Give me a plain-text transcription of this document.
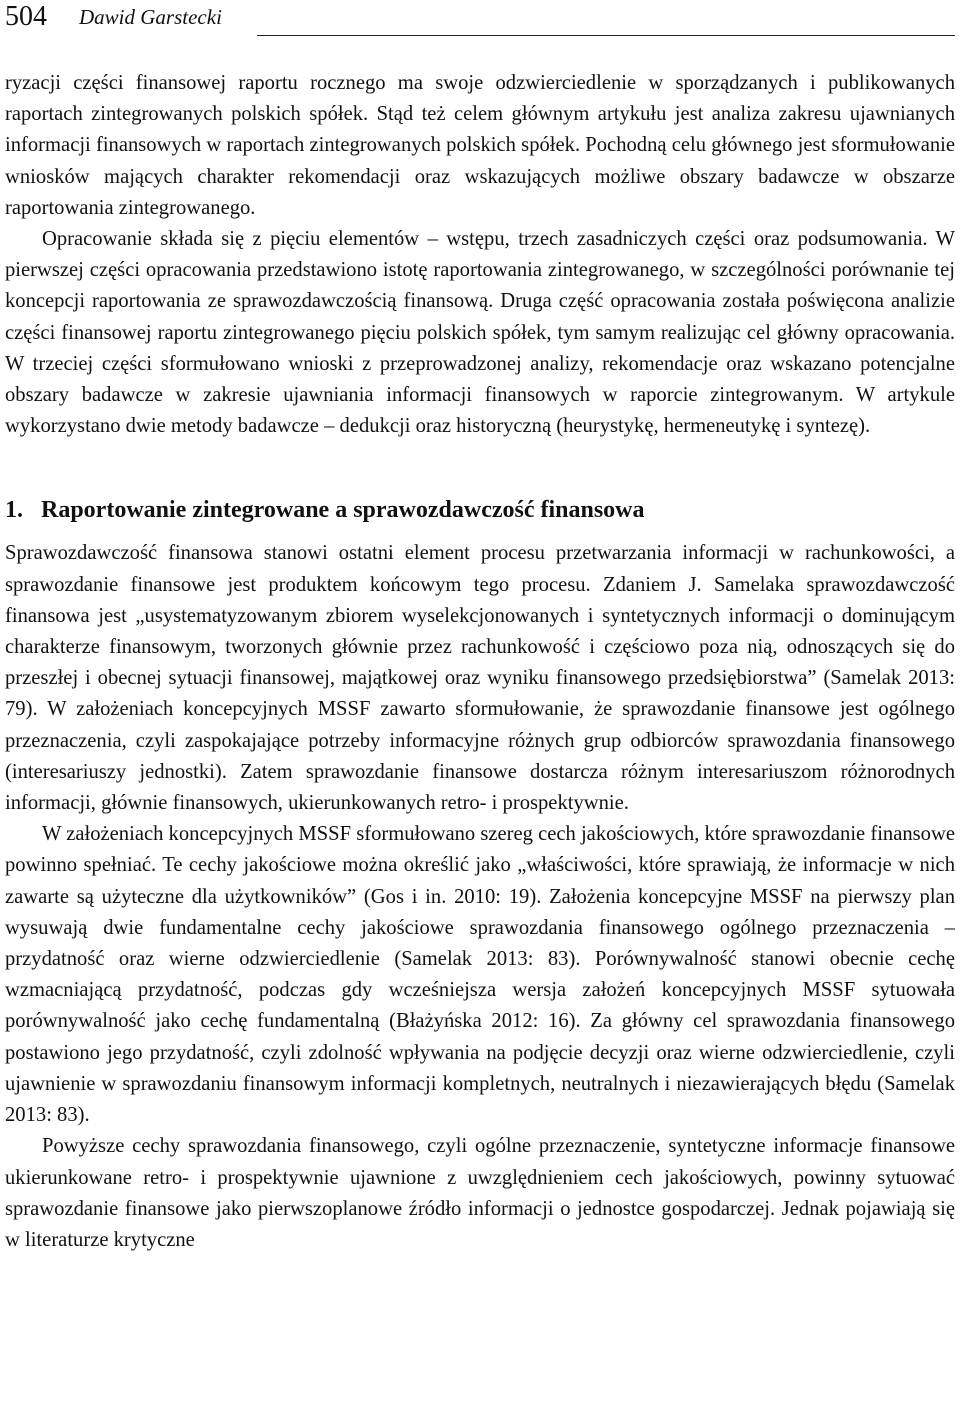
504 Dawid Garstecki

ryzacji części finansowej raportu rocznego ma swoje odzwierciedlenie w sporządzanych i publikowanych raportach zintegrowanych polskich spółek. Stąd też celem głównym artykułu jest analiza zakresu ujawnianych informacji finansowych w raportach zintegrowanych polskich spółek. Pochodną celu głównego jest sformułowanie wniosków mających charakter rekomendacji oraz wskazujących możliwe obszary badawcze w obszarze raportowania zintegrowanego.

Opracowanie składa się z pięciu elementów – wstępu, trzech zasadniczych części oraz podsumowania. W pierwszej części opracowania przedstawiono istotę raportowania zintegrowanego, w szczególności porównanie tej koncepcji raportowania ze sprawozdawczością finansową. Druga część opracowania została poświęcona analizie części finansowej raportu zintegrowanego pięciu polskich spółek, tym samym realizując cel główny opracowania. W trzeciej części sformułowano wnioski z przeprowadzonej analizy, rekomendacje oraz wskazano potencjalne obszary badawcze w zakresie ujawniania informacji finansowych w raporcie zintegrowanym. W artykule wykorzystano dwie metody badawcze – dedukcji oraz historyczną (heurystykę, hermeneutykę i syntezę).

1. Raportowanie zintegrowane a sprawozdawczość finansowa

Sprawozdawczość finansowa stanowi ostatni element procesu przetwarzania informacji w rachunkowości, a sprawozdanie finansowe jest produktem końcowym tego procesu. Zdaniem J. Samelaka sprawozdawczość finansowa jest „usystematyzowanym zbiorem wyselekcjonowanych i syntetycznych informacji o dominującym charakterze finansowym, tworzonych głównie przez rachunkowość i częściowo poza nią, odnoszących się do przeszłej i obecnej sytuacji finansowej, majątkowej oraz wyniku finansowego przedsiębiorstwa” (Samelak 2013: 79). W założeniach koncepcyjnych MSSF zawarto sformułowanie, że sprawozdanie finansowe jest ogólnego przeznaczenia, czyli zaspokajające potrzeby informacyjne różnych grup odbiorców sprawozdania finansowego (interesariuszy jednostki). Zatem sprawozdanie finansowe dostarcza różnym interesariuszom różnorodnych informacji, głównie finansowych, ukierunkowanych retro- i prospektywnie.

W założeniach koncepcyjnych MSSF sformułowano szereg cech jakościowych, które sprawozdanie finansowe powinno spełniać. Te cechy jakościowe można określić jako „właściwości, które sprawiają, że informacje w nich zawarte są użyteczne dla użytkowników” (Gos i in. 2010: 19). Założenia koncepcyjne MSSF na pierwszy plan wysuwają dwie fundamentalne cechy jakościowe sprawozdania finansowego ogólnego przeznaczenia – przydatność oraz wierne odzwierciedlenie (Samelak 2013: 83). Porównywalność stanowi obecnie cechę wzmacniającą przydatność, podczas gdy wcześniejsza wersja założeń koncepcyjnych MSSF sytuowała porównywalność jako cechę fundamentalną (Błażyńska 2012: 16). Za główny cel sprawozdania finansowego postawiono jego przydatność, czyli zdolność wpływania na podjęcie decyzji oraz wierne odzwierciedlenie, czyli ujawnienie w sprawozdaniu finansowym informacji kompletnych, neutralnych i niezawierających błędu (Samelak 2013: 83).

Powyższe cechy sprawozdania finansowego, czyli ogólne przeznaczenie, syntetyczne informacje finansowe ukierunkowane retro- i prospektywnie ujawnione z uwzględnieniem cech jakościowych, powinny sytuować sprawozdanie finansowe jako pierwszoplanowe źródło informacji o jednostce gospodarczej. Jednak pojawiają się w literaturze krytyczne
